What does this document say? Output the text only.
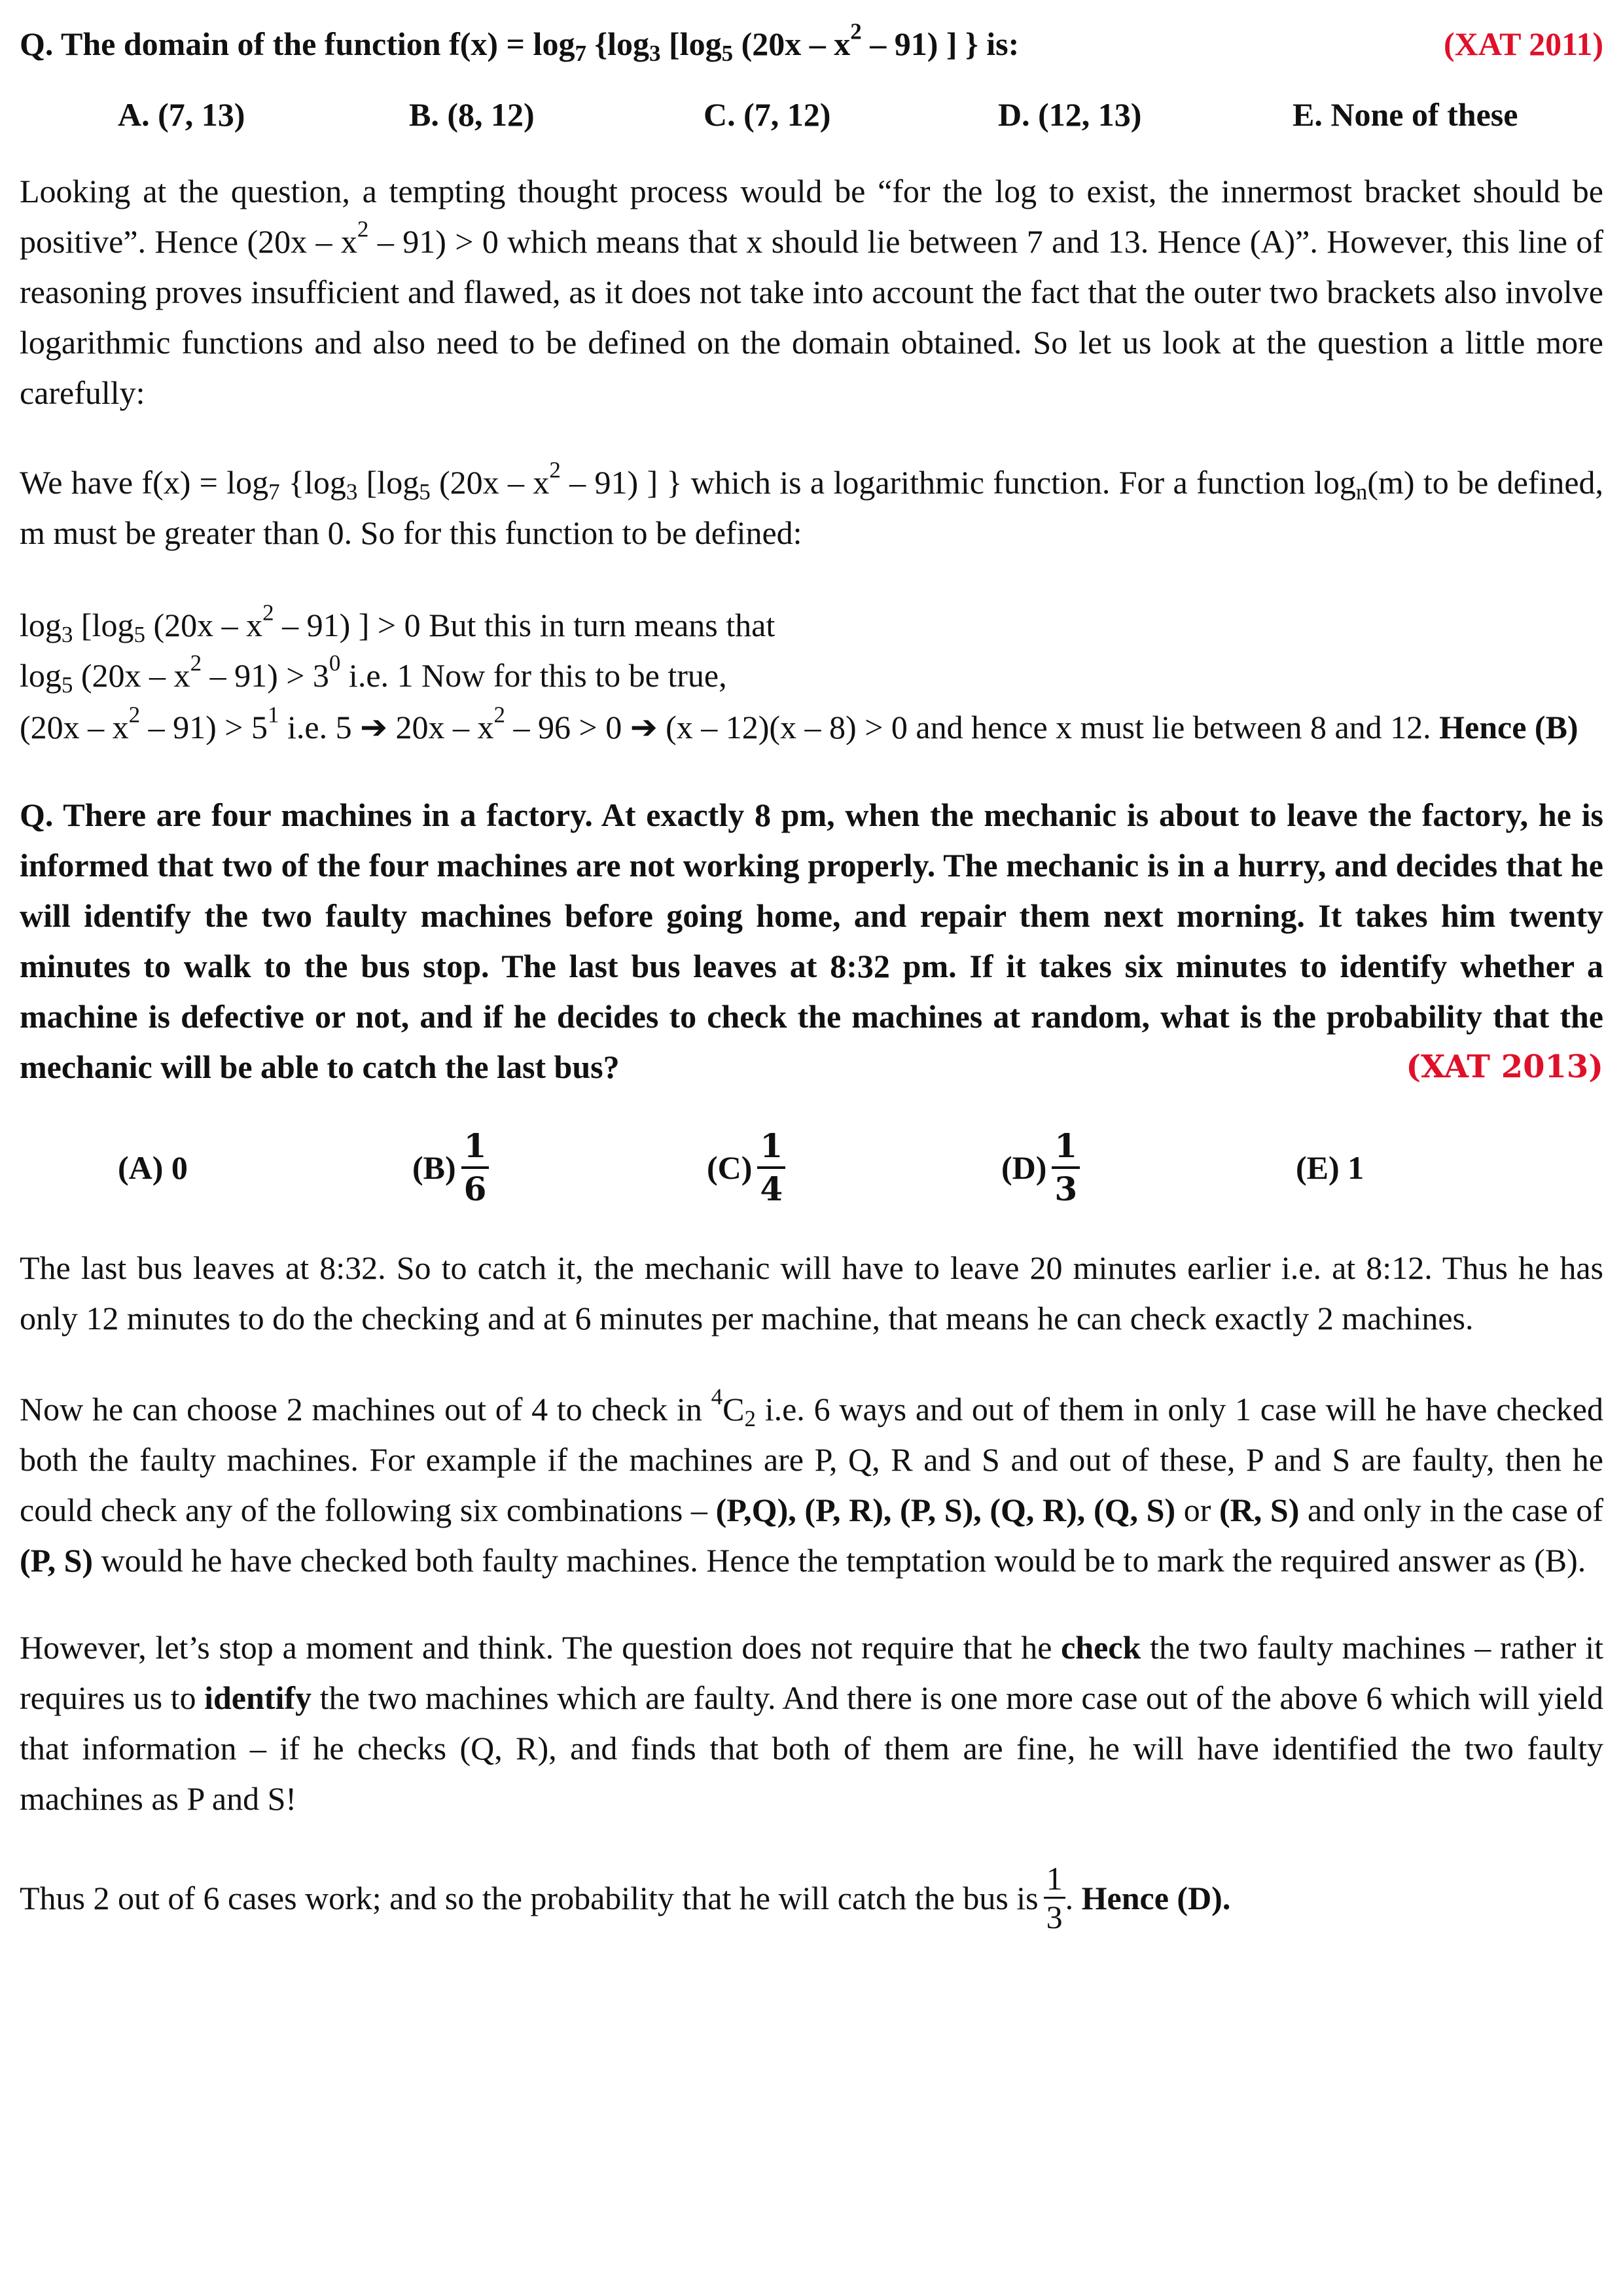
Q. The domain of the function $f(x) = \log_7 \{\log_3$ [$\log_5$ $(20x - x^2 - 91)$ ] } is:	(XAT 2011)
A. (7, 13)	B. (8, 12)	C. (7, 12)	D. (12, 13)	E. None of these
Looking at the question, a tempting thought process would be “for the log to exist, the innermost bracket should be positive”. Hence $(20x - x^2 - 91) > 0$ which means that x should lie between 7 and 13. Hence (A)”. However, this line of reasoning proves insufficient and flawed, as it does not take into account the fact that the outer two brackets also involve logarithmic functions and also need to be defined on the domain obtained. So let us look at the question a little more carefully:
We have $f(x) = \log_7 \{\log_3$ [$\log_5$ $(20x - x^2 - 91)$ ] } which is a logarithmic function. For a function $\log_n(m)$ to be defined, m must be greater than 0. So for this function to be defined:
$\log_3 [\log_5$ $(20x - x^2 - 91)$ ] > 0 But this in turn means that
$\log_5 (20x - x^2 - 91) > 3^0$ i.e. 1 Now for this to be true,
$(20x - x^2 - 91) > 5^1$ i.e. 5 ➔ $20x - x^2 - 96 > 0$ ➔ (x – 12)(x – 8) > 0 and hence x must lie between 8 and 12. Hence (B)
Q. There are four machines in a factory. At exactly 8 pm, when the mechanic is about to leave the factory, he is informed that two of the four machines are not working properly. The mechanic is in a hurry, and decides that he will identify the two faulty machines before going home, and repair them next morning. It takes him twenty minutes to walk to the bus stop. The last bus leaves at 8:32 pm. If it takes six minutes to identify whether a machine is defective or not, and if he decides to check the machines at random, what is the probability that the mechanic will be able to catch the last bus?	(XAT 2013)
(A) 0	$(B) \frac{1}{6}$	$(C) \frac{1}{4}$	$(D) \frac{1}{3}$	(E) 1
The last bus leaves at 8:32. So to catch it, the mechanic will have to leave 20 minutes earlier i.e. at 8:12. Thus he has only 12 minutes to do the checking and at 6 minutes per machine, that means he can check exactly 2 machines.
Now he can choose 2 machines out of 4 to check in $^4C_2$ i.e. 6 ways and out of them in only 1 case will he have checked both the faulty machines. For example if the machines are P, Q, R and S and out of these, P and S are faulty, then he could check any of the following six combinations – (P,Q), (P, R), (P, S), (Q, R), (Q, S) or (R, S) and only in the case of (P, S) would he have checked both faulty machines. Hence the temptation would be to mark the required answer as (B).
However, let’s stop a moment and think. The question does not require that he check the two faulty machines – rather it requires us to identify the two machines which are faulty. And there is one more case out of the above 6 which will yield that information – if he checks (Q, R), and finds that both of them are fine, he will have identified the two faulty machines as P and S!
Thus 2 out of 6 cases work; and so the probability that he will catch the bus is $\frac{1}{3}$ .
Hence (D).
